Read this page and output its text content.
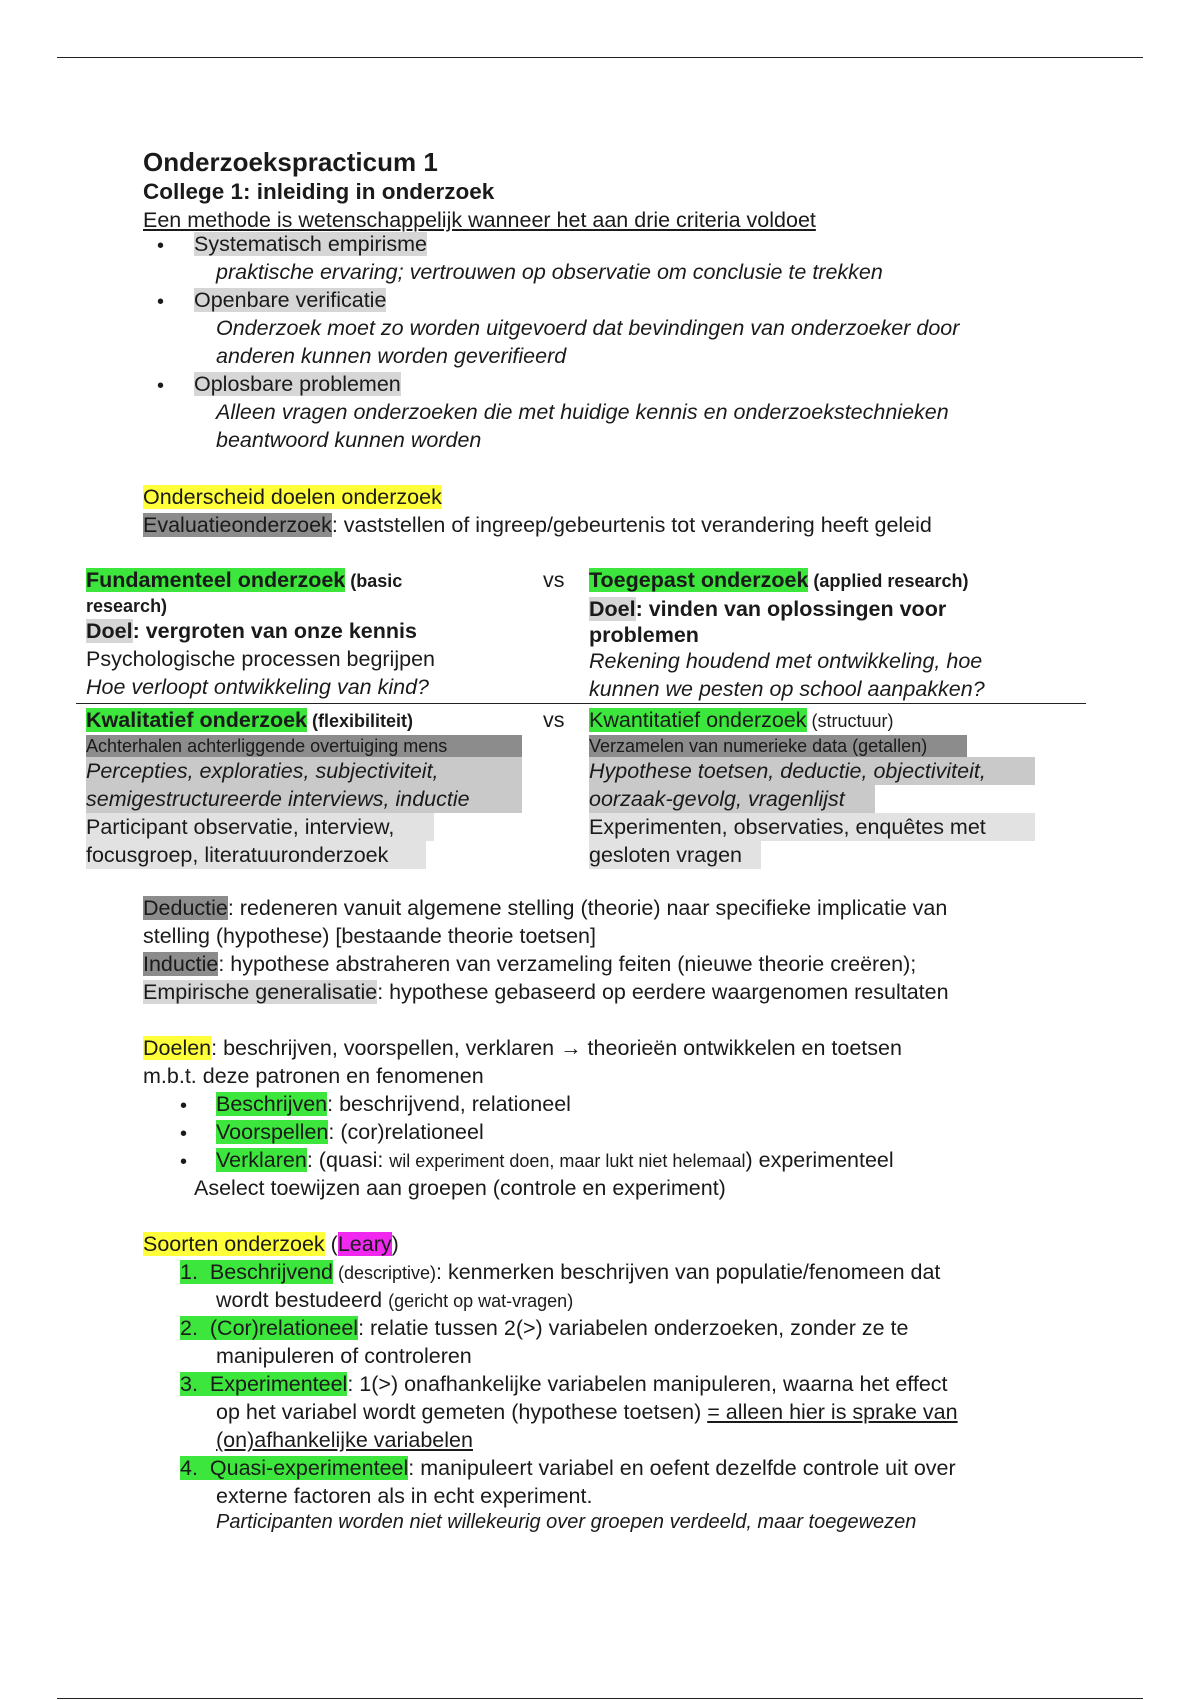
Onderzoekspracticum 1
College 1: inleiding in onderzoek
Een methode is wetenschappelijk wanneer het aan drie criteria voldoet
• Systematisch empirisme
praktische ervaring; vertrouwen op observatie om conclusie te trekken
• Openbare verificatie
Onderzoek moet zo worden uitgevoerd dat bevindingen van onderzoeker door
anderen kunnen worden geverifieerd
• Oplosbare problemen
Alleen vragen onderzoeken die met huidige kennis en onderzoekstechnieken
beantwoord kunnen worden
Onderscheid doelen onderzoek
Evaluatieonderzoek: vaststellen of ingreep/gebeurtenis tot verandering heeft geleid
Fundamenteel onderzoek (basic
research)
Doel: vergroten van onze kennis
Psychologische processen begrijpen
Hoe verloopt ontwikkeling van kind?
vs Toegepast onderzoek (applied research)
Doel: vinden van oplossingen voor
problemen
Rekening houdend met ontwikkeling, hoe
kunnen we pesten op school aanpakken?
Kwalitatief onderzoek (flexibiliteit)
Achterhalen achterliggende overtuiging mens
Percepties, exploraties, subjectiviteit,
semigestructureerde interviews, inductie
Participant observatie, interview,
focusgroep, literatuuronderzoek
vs Kwantitatief onderzoek (structuur)
Verzamelen van numerieke data (getallen)
Hypothese toetsen, deductie, objectiviteit,
oorzaak-gevolg, vragenlijst
Experimenten, observaties, enquêtes met
gesloten vragen
Deductie: redeneren vanuit algemene stelling (theorie) naar specifieke implicatie van
stelling (hypothese) [bestaande theorie toetsen]
Inductie: hypothese abstraheren van verzameling feiten (nieuwe theorie creëren);
Empirische generalisatie: hypothese gebaseerd op eerdere waargenomen resultaten
Doelen: beschrijven, voorspellen, verklaren → theorieën ontwikkelen en toetsen
m.b.t. deze patronen en fenomenen
• Beschrijven: beschrijvend, relationeel
• Voorspellen: (cor)relationeel
• Verklaren: (quasi: wil experiment doen, maar lukt niet helemaal) experimenteel
Aselect toewijzen aan groepen (controle en experiment)
Soorten onderzoek (Leary)
1. Beschrijvend (descriptive): kenmerken beschrijven van populatie/fenomeen dat
wordt bestudeerd (gericht op wat-vragen)
2. (Cor)relationeel: relatie tussen 2(>) variabelen onderzoeken, zonder ze te
manipuleren of controleren
3. Experimenteel: 1(>) onafhankelijke variabelen manipuleren, waarna het effect
op het variabel wordt gemeten (hypothese toetsen) = alleen hier is sprake van
(on)afhankelijke variabelen
4. Quasi-experimenteel: manipuleert variabel en oefent dezelfde controle uit over
externe factoren als in echt experiment.
Participanten worden niet willekeurig over groepen verdeeld, maar toegewezen
